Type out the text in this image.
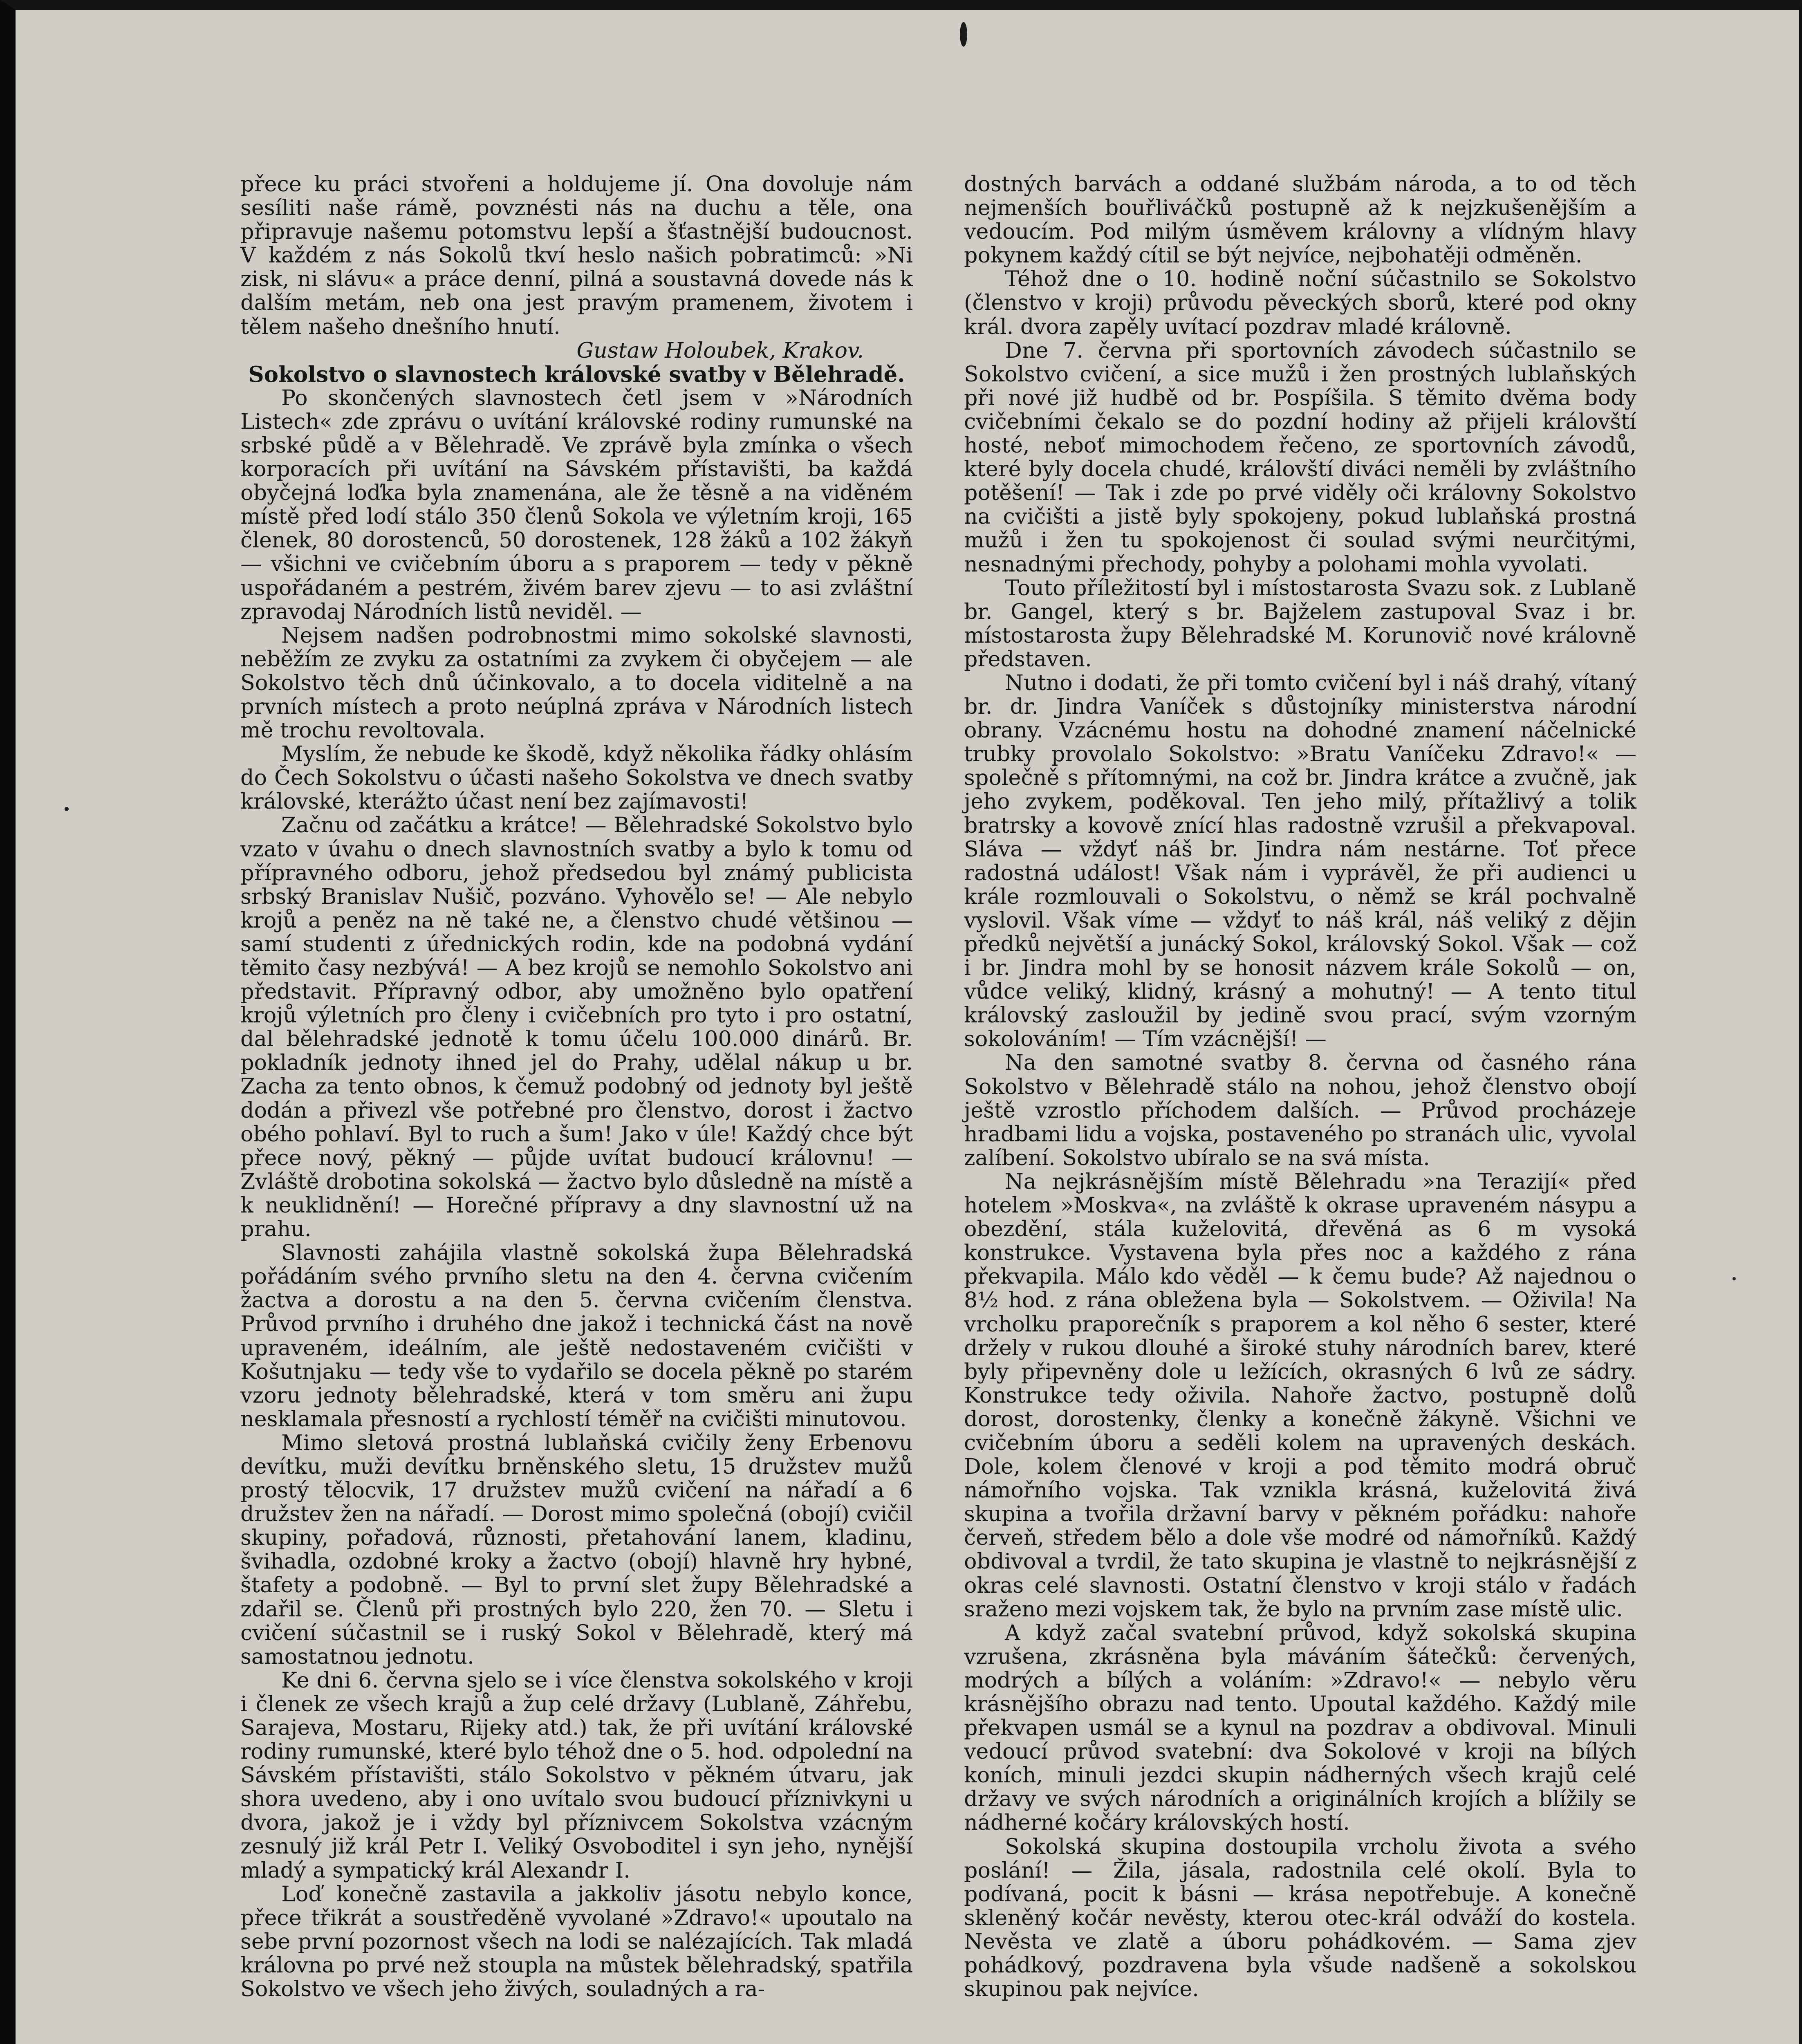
přece ku práci stvořeni a holdujeme jí. Ona dovoluje nám sesíliti naše rámě, povznésti nás na duchu a těle, ona připravuje našemu potomstvu lepší a šťastnější budoucnost. V každém z nás Sokolů tkví heslo našich pobratimců: »Ni zisk, ni slávu« a práce denní, pilná a soustavná dovede nás k dalším metám, neb ona jest pravým pramenem, životem i tělem našeho dnešního hnutí.

Gustaw Holoubek, Krakov.

Sokolstvo o slavnostech královské svatby v Bělehradě.

Po skončených slavnostech četl jsem v »Národních Listech« zde zprávu o uvítání královské rodiny rumunské na srbské půdě a v Bělehradě. Ve zprávě byla zmínka o všech korporacích při uvítání na Sávském přístavišti, ba každá obyčejná loďka byla znamenána, ale že těsně a na viděném místě před lodí stálo 350 členů Sokola ve výletním kroji, 165 členek, 80 dorostenců, 50 dorostenek, 128 žáků a 102 žákyň — všichni ve cvičebním úboru a s praporem — tedy v pěkně uspořádaném a pestrém, živém barev zjevu — to asi zvláštní zpravodaj Národních listů neviděl. —

Nejsem nadšen podrobnostmi mimo sokolské slavnosti, neběžím ze zvyku za ostatními za zvykem či obyčejem — ale Sokolstvo těch dnů účinkovalo, a to docela viditelně a na prvních místech a proto neúplná zpráva v Národních listech mě trochu revoltovala.

Myslím, že nebude ke škodě, když několika řádky ohlásím do Čech Sokolstvu o účasti našeho Sokolstva ve dnech svatby královské, kterážto účast není bez zajímavosti!

Začnu od začátku a krátce! — Bělehradské Sokolstvo bylo vzato v úvahu o dnech slavnostních svatby a bylo k tomu od přípravného odboru, jehož předsedou byl známý publicista srbský Branislav Nušič, pozváno. Vyhovělo se! — Ale nebylo krojů a peněz na ně také ne, a členstvo chudé většinou — samí studenti z úřednických rodin, kde na podobná vydání těmito časy nezbývá! — A bez krojů se nemohlo Sokolstvo ani představit. Přípravný odbor, aby umožněno bylo opatření krojů výletních pro členy i cvičebních pro tyto i pro ostatní, dal bělehradské jednotě k tomu účelu 100.000 dinárů. Br. pokladník jednoty ihned jel do Prahy, udělal nákup u br. Zacha za tento obnos, k čemuž podobný od jednoty byl ještě dodán a přivezl vše potřebné pro členstvo, dorost i žactvo obého pohlaví. Byl to ruch a šum! Jako v úle! Každý chce být přece nový, pěkný — půjde uvítat budoucí královnu! — Zvláště drobotina sokolská — žactvo bylo důsledně na místě a k neuklidnění! — Horečné přípravy a dny slavnostní už na prahu.

Slavnosti zahájila vlastně sokolská župa Bělehradská pořádáním svého prvního sletu na den 4. června cvičením žactva a dorostu a na den 5. června cvičením členstva. Průvod prvního i druhého dne jakož i technická část na nově upraveném, ideálním, ale ještě nedostaveném cvičišti v Košutnjaku — tedy vše to vydařilo se docela pěkně po starém vzoru jednoty bělehradské, která v tom směru ani župu nesklamala přesností a rychlostí téměř na cvičišti minutovou.

Mimo sletová prostná lublaňská cvičily ženy Erbenovu devítku, muži devítku brněnského sletu, 15 družstev mužů prostý tělocvik, 17 družstev mužů cvičení na nářadí a 6 družstev žen na nářadí. — Dorost mimo společná (obojí) cvičil skupiny, pořadová, různosti, přetahování lanem, kladinu, švihadla, ozdobné kroky a žactvo (obojí) hlavně hry hybné, štafety a podobně. — Byl to první slet župy Bělehradské a zdařil se. Členů při prostných bylo 220, žen 70. — Sletu i cvičení súčastnil se i ruský Sokol v Bělehradě, který má samostatnou jednotu.

Ke dni 6. června sjelo se i více členstva sokolského v kroji i členek ze všech krajů a žup celé državy (Lublaně, Záhřebu, Sarajeva, Mostaru, Rijeky atd.) tak, že při uvítání královské rodiny rumunské, které bylo téhož dne o 5. hod. odpolední na Sávském přístavišti, stálo Sokolstvo v pěkném útvaru, jak shora uvedeno, aby i ono uvítalo svou budoucí příznivkyni u dvora, jakož je i vždy byl příznivcem Sokolstva vzácným zesnulý již král Petr I. Veliký Osvoboditel i syn jeho, nynější mladý a sympatický král Alexandr I.

Loď konečně zastavila a jakkoliv jásotu nebylo konce, přece třikrát a soustředěně vyvolané »Zdravo!« upoutalo na sebe první pozornost všech na lodi se nalézajících. Tak mladá královna po prvé než stoupla na můstek bělehradský, spatřila Sokolstvo ve všech jeho živých, souladných a ra-

dostných barvách a oddané službám národa, a to od těch nejmenších bouřliváčků postupně až k nejzkušenějším a vedoucím. Pod milým úsměvem královny a vlídným hlavy pokynem každý cítil se být nejvíce, nejbohatěji odměněn.

Téhož dne o 10. hodině noční súčastnilo se Sokolstvo (členstvo v kroji) průvodu pěveckých sborů, které pod okny král. dvora zapěly uvítací pozdrav mladé královně.

Dne 7. června při sportovních závodech súčastnilo se Sokolstvo cvičení, a sice mužů i žen prostných lublaňských při nové již hudbě od br. Pospíšila. S těmito dvěma body cvičebními čekalo se do pozdní hodiny až přijeli královští hosté, neboť mimochodem řečeno, ze sportovních závodů, které byly docela chudé, královští diváci neměli by zvláštního potěšení! — Tak i zde po prvé viděly oči královny Sokolstvo na cvičišti a jistě byly spokojeny, pokud lublaňská prostná mužů i žen tu spokojenost či soulad svými neurčitými, nesnadnými přechody, pohyby a polohami mohla vyvolati.

Touto příležitostí byl i místostarosta Svazu sok. z Lublaně br. Gangel, který s br. Bajželem zastupoval Svaz i br. místostarosta župy Bělehradské M. Korunovič nové královně představen.

Nutno i dodati, že při tomto cvičení byl i náš drahý, vítaný br. dr. Jindra Vaníček s důstojníky ministerstva národní obrany. Vzácnému hostu na dohodné znamení náčelnické trubky provolalo Sokolstvo: »Bratu Vaníčeku Zdravo!« — společně s přítomnými, na což br. Jindra krátce a zvučně, jak jeho zvykem, poděkoval. Ten jeho milý, přítažlivý a tolik bratrsky a kovově znící hlas radostně vzrušil a překvapoval. Sláva — vždyť náš br. Jindra nám nestárne. Toť přece radostná událost! Však nám i vyprávěl, že při audienci u krále rozmlouvali o Sokolstvu, o němž se král pochvalně vyslovil. Však víme — vždyť to náš král, náš veliký z dějin předků největší a junácký Sokol, královský Sokol. Však — což i br. Jindra mohl by se honosit názvem krále Sokolů — on, vůdce veliký, klidný, krásný a mohutný! — A tento titul královský zasloužil by jedině svou prací, svým vzorným sokolováním! — Tím vzácnější! —

Na den samotné svatby 8. června od časného rána Sokolstvo v Bělehradě stálo na nohou, jehož členstvo obojí ještě vzrostlo příchodem dalších. — Průvod procházeje hradbami lidu a vojska, postaveného po stranách ulic, vyvolal zalíbení. Sokolstvo ubíralo se na svá místa.

Na nejkrásnějším místě Bělehradu »na Terazijí« před hotelem »Moskva«, na zvláště k okrase upraveném násypu a obezdění, stála kuželovitá, dřevěná as 6 m vysoká konstrukce. Vystavena byla přes noc a každého z rána překvapila. Málo kdo věděl — k čemu bude? Až najednou o 8½ hod. z rána obležena byla — Sokolstvem. — Oživila! Na vrcholku praporečník s praporem a kol něho 6 sester, které držely v rukou dlouhé a široké stuhy národních barev, které byly připevněny dole u ležících, okrasných 6 lvů ze sádry. Konstrukce tedy oživila. Nahoře žactvo, postupně dolů dorost, dorostenky, členky a konečně žákyně. Všichni ve cvičebním úboru a seděli kolem na upravených deskách. Dole, kolem členové v kroji a pod těmito modrá obruč námořního vojska. Tak vznikla krásná, kuželovitá živá skupina a tvořila državní barvy v pěkném pořádku: nahoře červeň, středem bělo a dole vše modré od námořníků. Každý obdivoval a tvrdil, že tato skupina je vlastně to nejkrásnější z okras celé slavnosti. Ostatní členstvo v kroji stálo v řadách sraženo mezi vojskem tak, že bylo na prvním zase místě ulic.

A když začal svatební průvod, když sokolská skupina vzrušena, zkrásněna byla máváním šátečků: červených, modrých a bílých a voláním: »Zdravo!« — nebylo věru krásnějšího obrazu nad tento. Upoutal každého. Každý mile překvapen usmál se a kynul na pozdrav a obdivoval. Minuli vedoucí průvod svatební: dva Sokolové v kroji na bílých koních, minuli jezdci skupin nádherných všech krajů celé državy ve svých národních a originálních krojích a blížily se nádherné kočáry královských hostí.

Sokolská skupina dostoupila vrcholu života a svého poslání! — Žila, jásala, radostnila celé okolí. Byla to podívaná, pocit k básni — krása nepotřebuje. A konečně skleněný kočár nevěsty, kterou otec-král odváží do kostela. Nevěsta ve zlatě a úboru pohádkovém. — Sama zjev pohádkový, pozdravena byla všude nadšeně a sokolskou skupinou pak nejvíce.
